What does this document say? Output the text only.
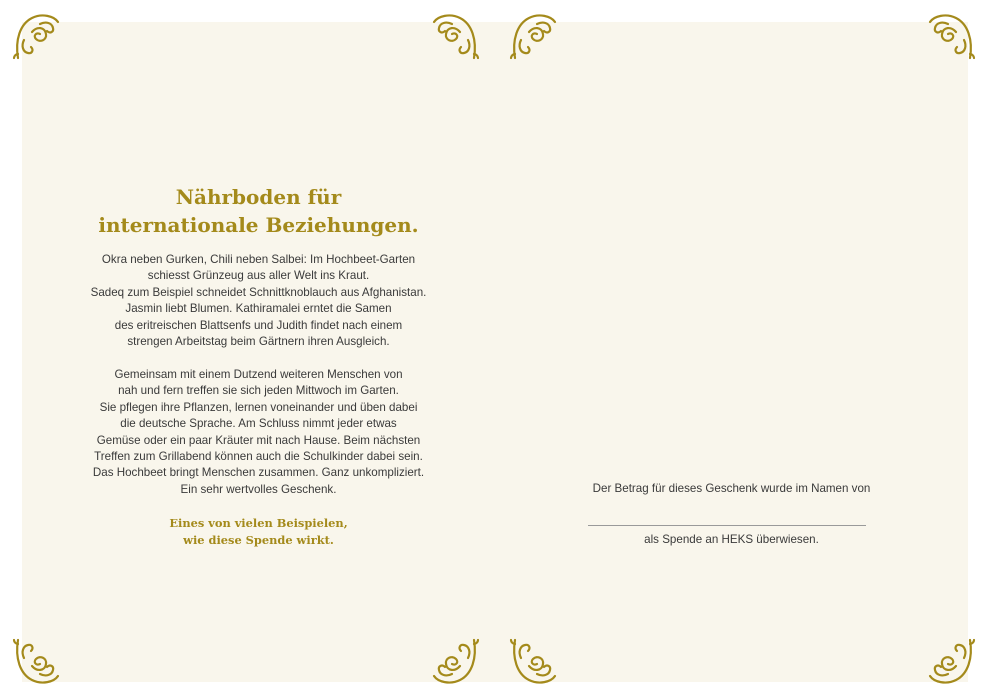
Nährboden für
internationale Beziehungen.

Okra neben Gurken, Chili neben Salbei: Im Hochbeet-Garten
schiesst Grünzeug aus aller Welt ins Kraut.
Sadeq zum Beispiel schneidet Schnittknoblauch aus Afghanistan.
Jasmin liebt Blumen. Kathiramalei erntet die Samen
des eritreischen Blattsenfs und Judith findet nach einem
strengen Arbeitstag beim Gärtnern ihren Ausgleich.

Gemeinsam mit einem Dutzend weiteren Menschen von
nah und fern treffen sie sich jeden Mittwoch im Garten.
Sie pflegen ihre Pflanzen, lernen voneinander und üben dabei
die deutsche Sprache. Am Schluss nimmt jeder etwas
Gemüse oder ein paar Kräuter mit nach Hause. Beim nächsten
Treffen zum Grillabend können auch die Schulkinder dabei sein.
Das Hochbeet bringt Menschen zusammen. Ganz unkompliziert.
Ein sehr wertvolles Geschenk.

Eines von vielen Beispielen,
wie diese Spende wirkt.

Der Betrag für dieses Geschenk wurde im Namen von
als Spende an HEKS überwiesen.
